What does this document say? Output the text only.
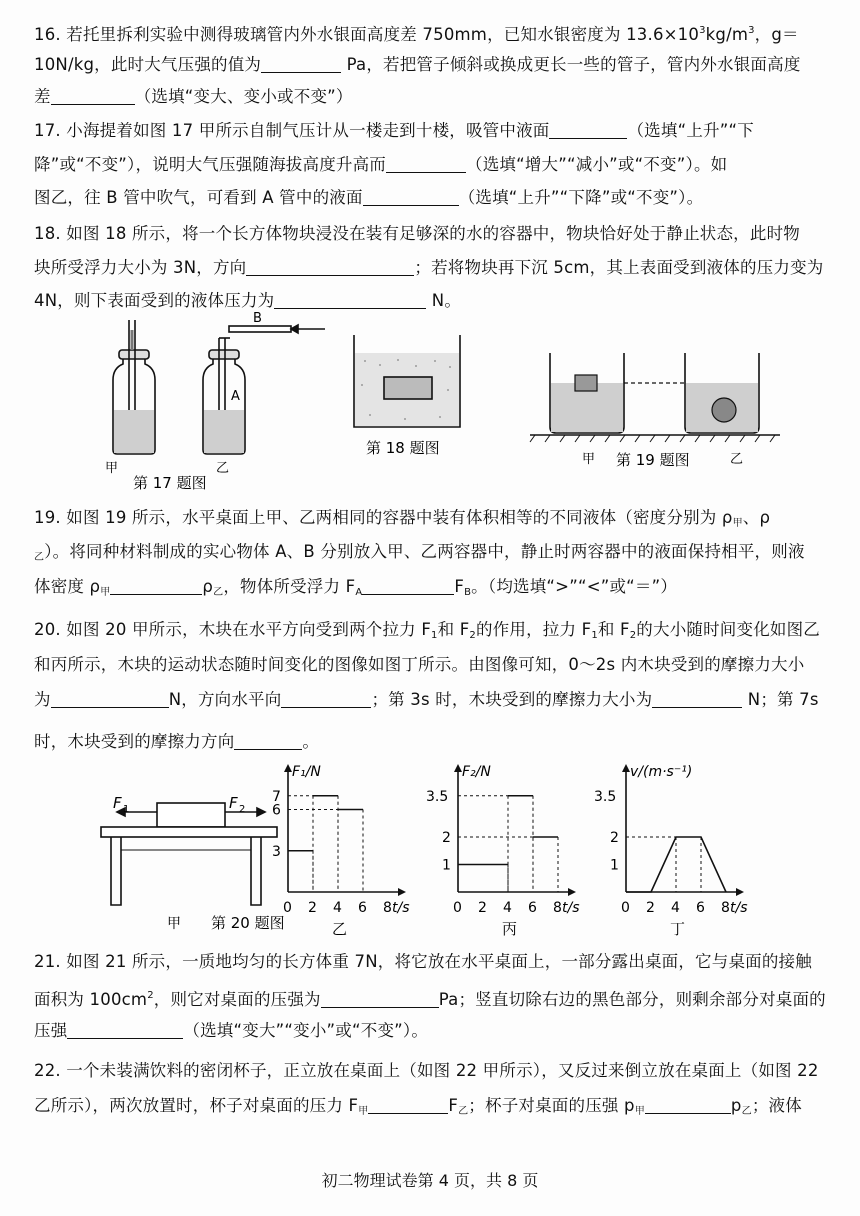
16. 若托里拆利实验中测得玻璃管内外水银面高度差 750mm，已知水银密度为 $13.6\times 10^3kg/m^3$，g＝
10N/kg，此时大气压强的值为	Pa，若把管子倾斜或换成更长一些的管子，管内外水银面高度
差	（选填“变大、变小或不变”）
17. 小海提着如图 17 甲所示自制气压计从一楼走到十楼，吸管中液面	（选填“上升”“下
降”或“不变”），说明大气压强随海拔高度升高而	（选填“增大”“减小”或“不变”）。如
图乙，往 B 管中吹气，可看到 A 管中的液面	（选填“上升”“下降”或“不变”）。
18. 如图 18 所示，将一个长方体物块浸没在装有足够深的水的容器中，物块恰好处于静止状态，此时物
块所受浮力大小为 3N，方向	；若将物块再下沉 5cm，其上表面受到液体的压力变为
4N，则下表面受到的液体压力为	N。
B
A
甲	乙
第 17 题图
第 18 题图
甲 第 19 题图	乙
19. 如图 19 所示，水平桌面上甲、乙两相同的容器中装有体积相等的不同液体（密度分别为 $\rho_甲$、ρ
$_乙$）。将同种材料制成的实心物体 A、B 分别放入甲、乙两容器中，静止时两容器中的液面保持相平，则液
体密度 $\rho_甲$	$\rho_乙$，物体所受浮力 $F_A$	$F_B$。（均选填“>”“<”或“＝”）
20. 如图 20 甲所示，木块在水平方向受到两个拉力 $F_1$和 $F_2$的作用，拉力 $F_1$和 $F_2$的大小随时间变化如图乙
和丙所示，木块的运动状态随时间变化的图像如图丁所示。由图像可知，0～2s 内木块受到的摩擦力大小
为	N，方向水平向	；第 3s 时，木块受到的摩擦力大小为	N；第 7s
时，木块受到的摩擦力方向	。
F 1	F 2
甲 第 20 题图
F₁/N
t/s
0 2 4 6 8
3
6
7
乙
F₂/N
t/s
0 2 4 6 8
1
2
3.5
丙
v/(m·s⁻¹)
t/s
0 2 4 6 8
1
2
3.5
丁
21. 如图 21 所示，一质地均匀的长方体重 7N，将它放在水平桌面上，一部分露出桌面，它与桌面的接触
面积为 $100cm^2$，则它对桌面的压强为	Pa；竖直切除右边的黑色部分，则剩余部分对桌面的
压强	（选填“变大”“变小”或“不变”）。
22. 一个未装满饮料的密闭杯子，正立放在桌面上（如图 22 甲所示），又反过来倒立放在桌面上（如图 22
乙所示），两次放置时，杯子对桌面的压力 $F_甲$	$F_乙$；杯子对桌面的压强 $p_甲$	$p_乙$；液体
初二物理试卷第 4 页，共 8 页
